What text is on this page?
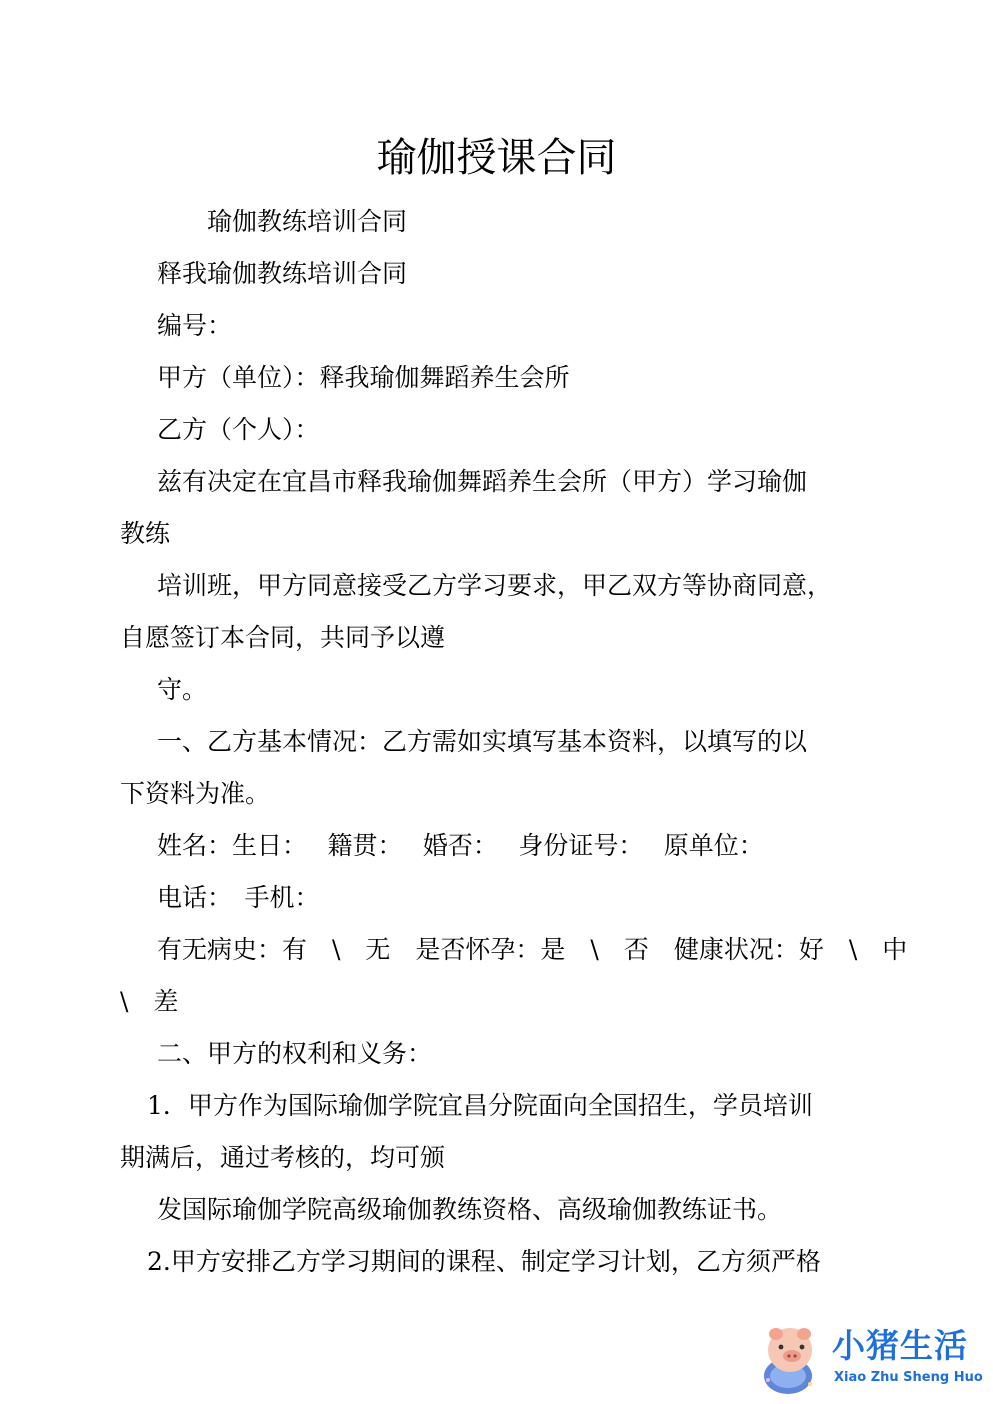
瑜伽授课合同
瑜伽教练培训合同
释我瑜伽教练培训合同
编号：
甲方（单位）：释我瑜伽舞蹈养生会所
乙方（个人）：
兹有决定在宜昌市释我瑜伽舞蹈养生会所（甲方）学习瑜伽
教练
培训班，甲方同意接受乙方学习要求，甲乙双方等协商同意，
自愿签订本合同，共同予以遵
守。
一、乙方基本情况：乙方需如实填写基本资料，以填写的以
下资料为准。
姓名：生日：　 籍贯：　 婚否：　 身份证号：　 原单位：
电话：　手机：
有无病史：有　\　无　是否怀孕：是　\　否　健康状况：好　\　中
\　差
二、甲方的权利和义务：
1．甲方作为国际瑜伽学院宜昌分院面向全国招生，学员培训
期满后，通过考核的，均可颁
发国际瑜伽学院高级瑜伽教练资格、高级瑜伽教练证书。
2.甲方安排乙方学习期间的课程、制定学习计划，乙方须严格
小猪生活
Xiao Zhu Sheng Huo
